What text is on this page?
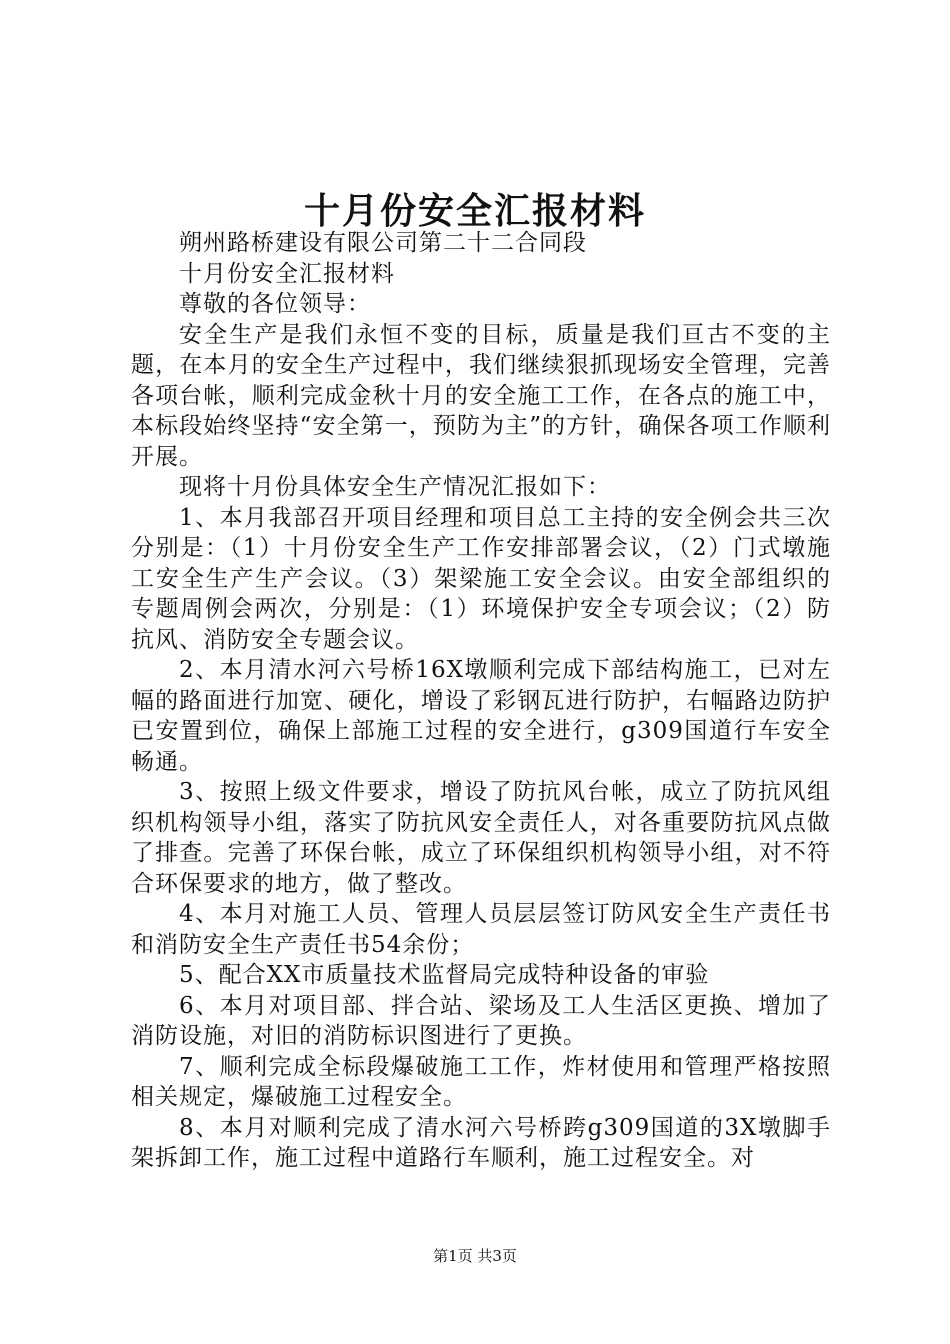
十月份安全汇报材料

朔州路桥建设有限公司第二十二合同段

十月份安全汇报材料

尊敬的各位领导：

安全生产是我们永恒不变的目标，质量是我们亘古不变的主题，在本月的安全生产过程中，我们继续狠抓现场安全管理，完善各项台帐，顺利完成金秋十月的安全施工工作，在各点的施工中，本标段始终坚持“安全第一，预防为主”的方针，确保各项工作顺利开展。

现将十月份具体安全生产情况汇报如下：

1、本月我部召开项目经理和项目总工主持的安全例会共三次分别是：（1）十月份安全生产工作安排部署会议，（2）门式墩施工安全生产生产会议。（3）架梁施工安全会议。由安全部组织的专题周例会两次，分别是：（1）环境保护安全专项会议；（2）防抗风、消防安全专题会议。

2、本月清水河六号桥16X墩顺利完成下部结构施工，已对左幅的路面进行加宽、硬化，增设了彩钢瓦进行防护，右幅路边防护已安置到位，确保上部施工过程的安全进行，g309国道行车安全畅通。

3、按照上级文件要求，增设了防抗风台帐，成立了防抗风组织机构领导小组，落实了防抗风安全责任人，对各重要防抗风点做了排查。完善了环保台帐，成立了环保组织机构领导小组，对不符合环保要求的地方，做了整改。

4、本月对施工人员、管理人员层层签订防风安全生产责任书和消防安全生产责任书54余份；

5、配合XX市质量技术监督局完成特种设备的审验

6、本月对项目部、拌合站、梁场及工人生活区更换、增加了消防设施，对旧的消防标识图进行了更换。

7、顺利完成全标段爆破施工工作，炸材使用和管理严格按照相关规定，爆破施工过程安全。

8、本月对顺利完成了清水河六号桥跨g309国道的3X墩脚手架拆卸工作，施工过程中道路行车顺利，施工过程安全。对

第1页 共3页
